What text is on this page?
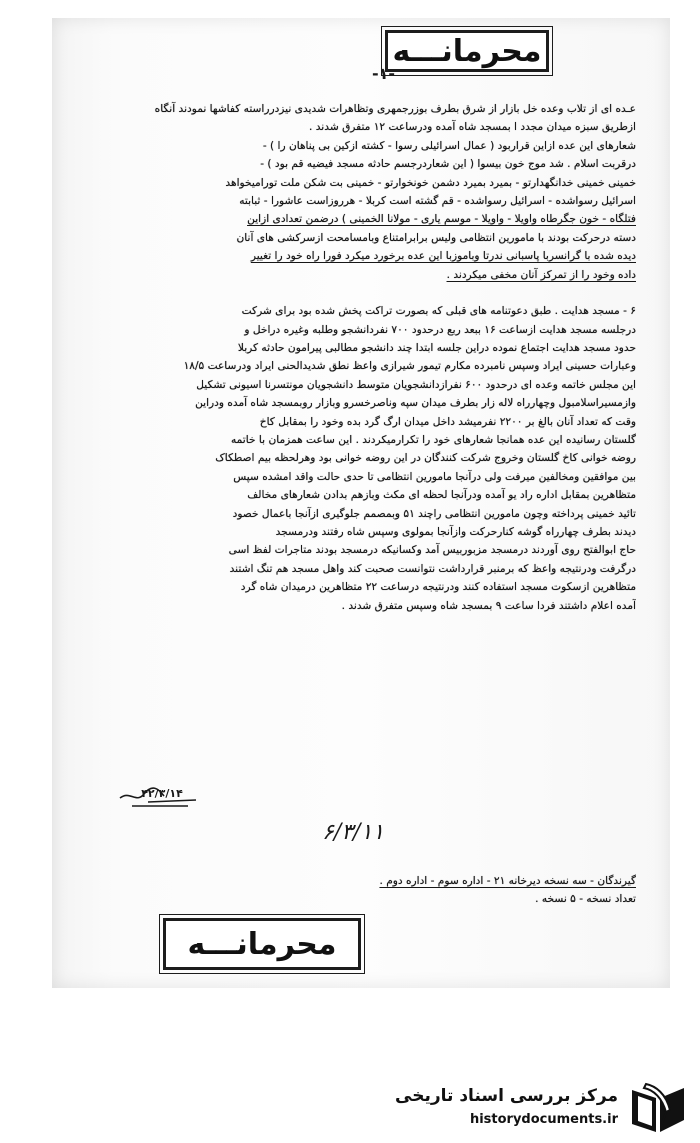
محرمانـــه
-۱-
عـده ای از تلاب وعده خل بازار از شرق بطرف بوزرجمهری وتظاهرات شدیدی نیزدرراسته کفاشها نمودند آنگاه
ازطریق سبزه میدان مجدد ا بمسجد شاه آمده ودرساعت ۱۲ متفرق شدند .
شعارهای این عده ازاین قراربود ( عمال اسرائیلی رسوا - کشته ازکین بی پناهان را ) -
درقربت اسلام . شد موج خون بیسوا ( این شعاردرجسم حادثه مسجد فیضیه قم بود ) -
خمینی خمینی خدانگهدارتو - بمیرد بمیرد دشمن خونخوارتو - خمینی بت شکن ملت تورامیخواهد
اسرائیل رسواشده - اسرائیل رسواشده - قم گشته است کربلا - هرروزاست عاشورا - ثبابته
فتلگاه - خون جگرطاه واویلا - واویلا - موسم یاری - مولانا الخمینی ) درضمن تعدادی ازاین
دسته درحرکت بودند با مامورین انتظامی ولیس برابرامتناع وبامسامحت ازسرکشی های آنان
دیده شده با گرانسربا پاسبانی ندرتا وباموزبا این عده برخورد میکرد فورا راه خود را تغییر
داده وخود را از تمرکز آنان مخفی میکردند .
۶ - مسجد هدایت . طبق دعوتنامه های قبلی که بصورت تراکت پخش شده بود برای شرکت
درجلسه مسجد هدایت ازساعت ۱۶ ببعد ربع درحدود ۷۰۰ نفردانشجو وطلبه وغیره دراخل و
حدود مسجد هدایت اجتماع نموده دراین جلسه ابتدا چند دانشجو مطالبی پیرامون حادثه کربلا
وعبارات حسینی ایراد وسپس نامبرده مکارم تیمور شیرازی واعظ نطق شدیدالحنی ایراد ودرساعت ۱۸/۵
این مجلس خاتمه وعده ای درحدود ۶۰۰ نفرازدانشجویان متوسط دانشجویان مونتسرنا اسیونی تشکیل
وازمسیراسلامبول وچهارراه لاله زار بطرف میدان سپه وناصرخسرو وبازار روبمسجد شاه آمده ودراین
وقت که تعداد آنان بالغ بر ۲۲۰۰ نفرمیشد داخل میدان ارگ گرد بده وخود را بمقابل کاخ
گلستان رسانیده این عده همانجا شعارهای خود را تکرارمیکردند . این ساعت همزمان با خاتمه
روضه خوانی کاخ گلستان وخروج شرکت کنندگان در این روضه خوانی بود وهرلحظه بیم اصطکاک
بین موافقین ومخالفین میرفت ولی درآنجا مامورین انتظامی تا حدی حالت واقد امشده سپس
متظاهرین بمقابل اداره راد یو آمده ودرآنجا لحظه ای مکث وبازهم بدادن شعارهای مخالف
تائید خمینی پرداخته وچون مامورین انتظامی راچند ۵۱ وبمصمم جلوگیری ازآنجا باعمال خصود
دیدند بطرف چهارراه گوشه کنارحرکت وازآنجا بمولوی وسپس شاه رفتند ودرمسجد
حاج ابوالفتح روی آوردند درمسجد مزبوربیس آمد وکسانیکه درمسجد بودند متاجرات لفظ اسی
درگرفت ودرنتیجه واعظ که برمنبر قرارداشت نتوانست صحبت کند واهل مسجد هم تنگ اشتند
متظاهرین ازسکوت مسجد استفاده کنند ودرنتیجه درساعت ۲۲ متظاهرین درمیدان شاه گرد
آمده اعلام داشتند فردا ساعت ۹ بمسجد شاه وسپس متفرق شدند .
۴۲/۳/۱۴
۶/۳/۱۱
گیرندگان - سه نسخه دیرخانه ۲۱ - اداره سوم - اداره دوم .
تعداد نسخه - ۵ نسخه .
محرمانـــه
مرکز بررسی اسناد تاریخی
historydocuments.ir
